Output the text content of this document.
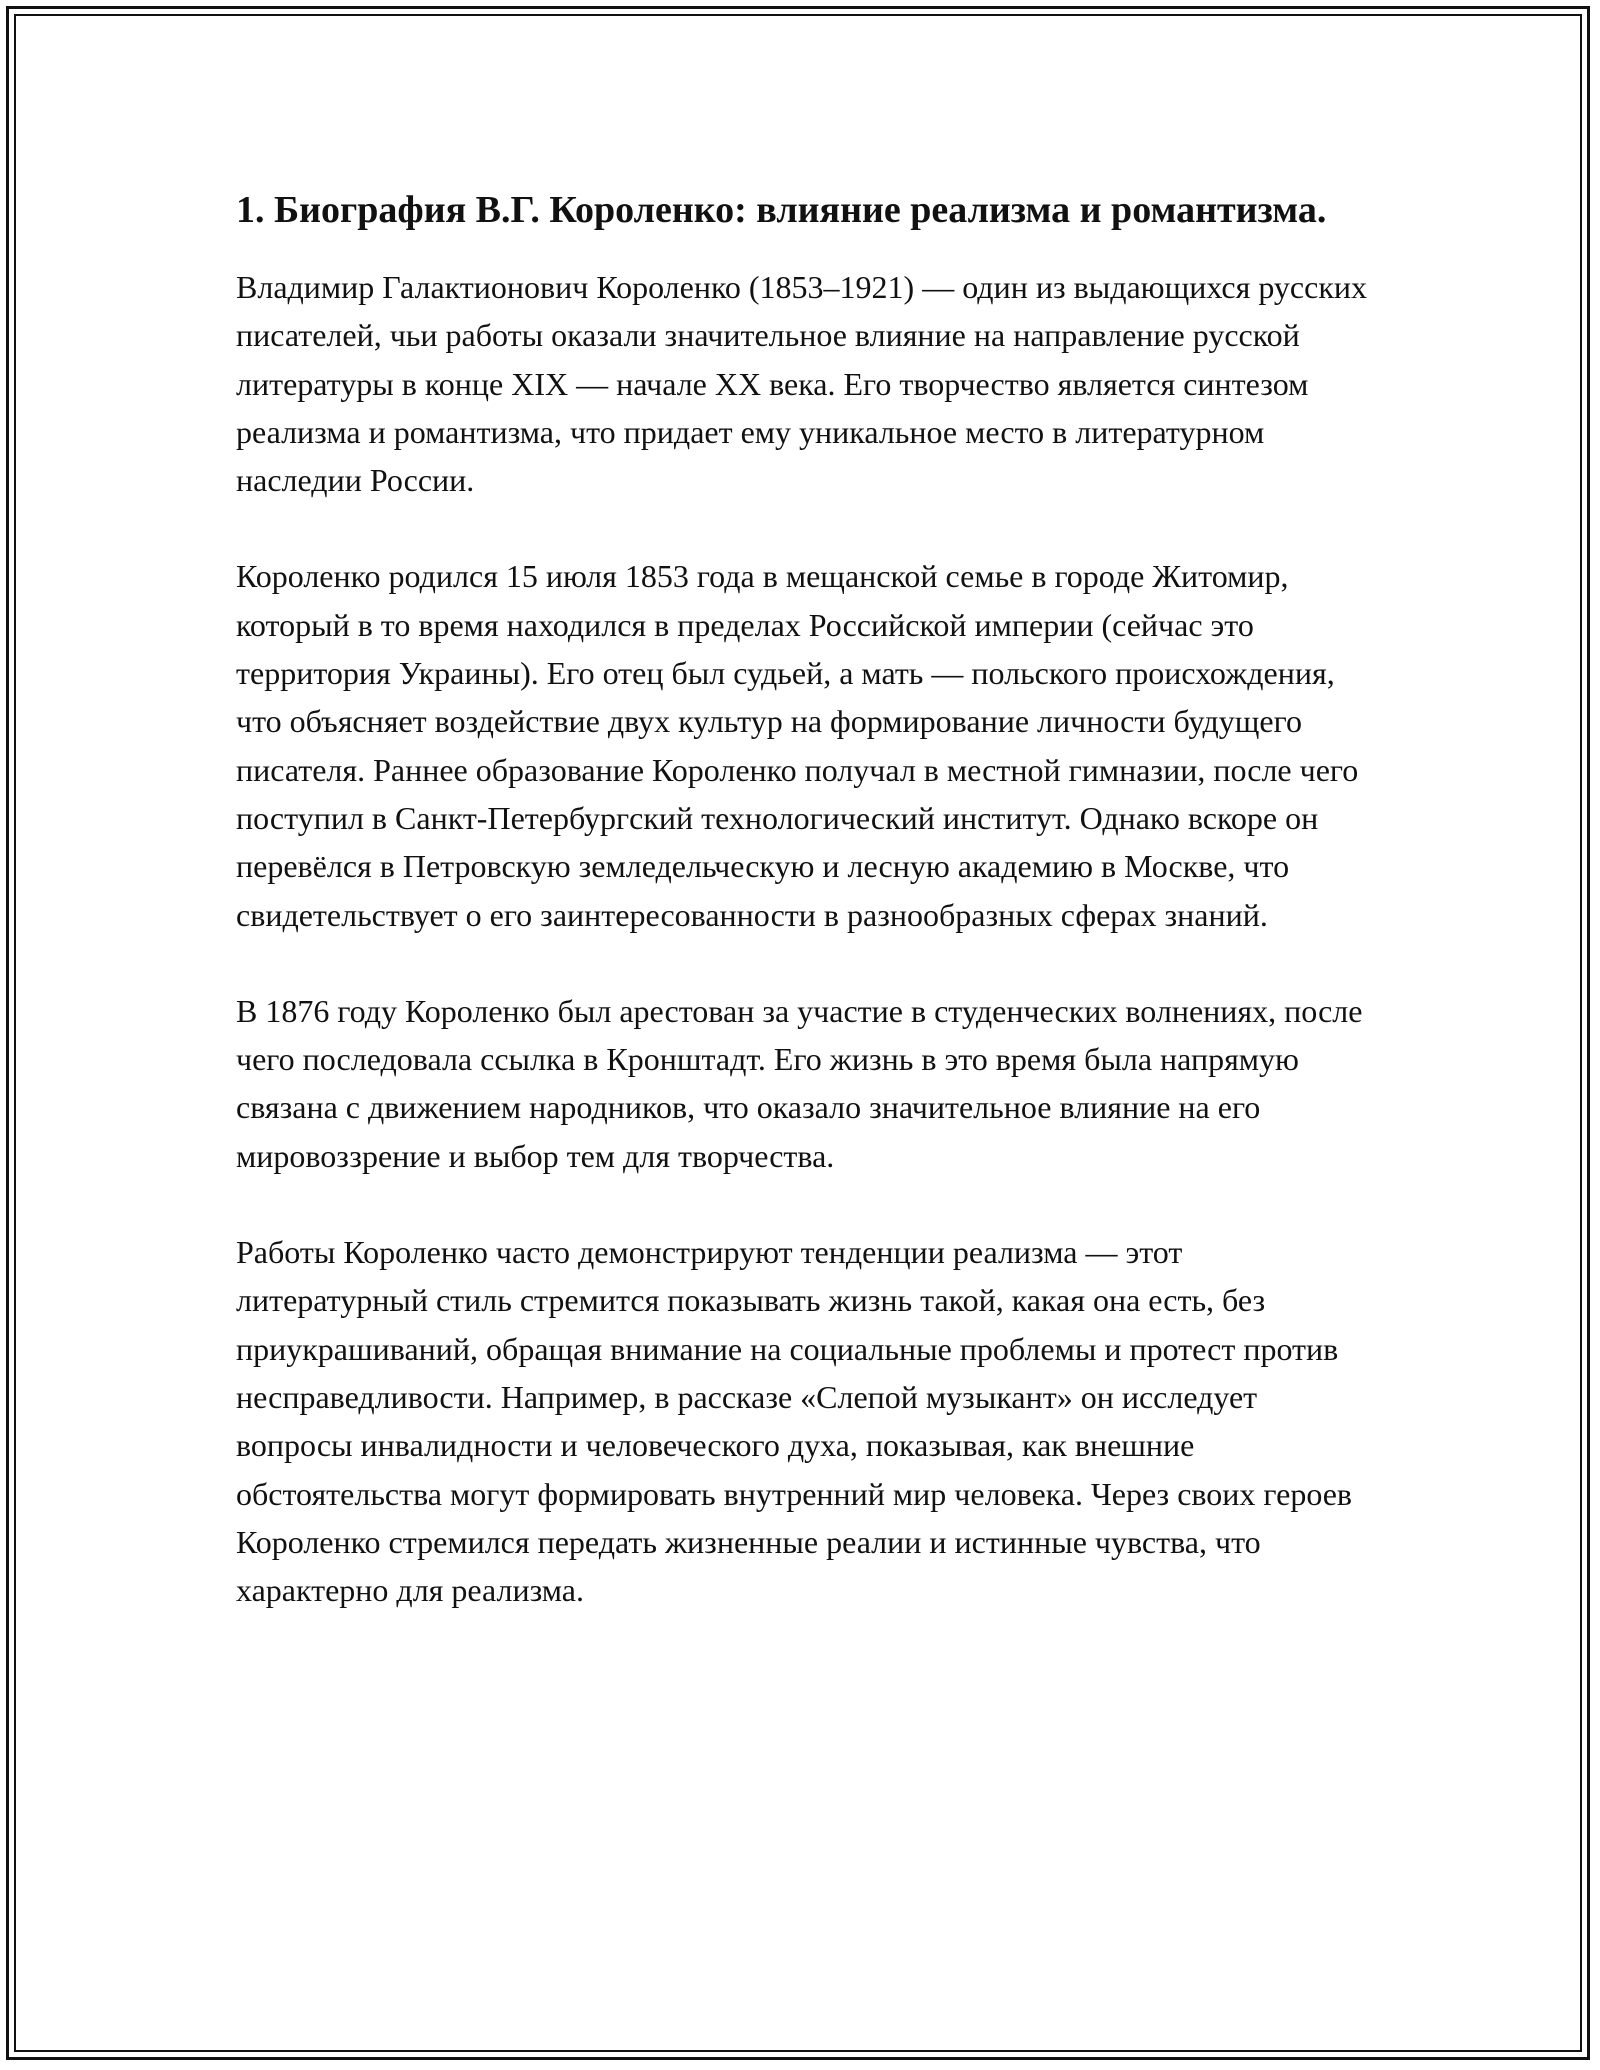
1. Биография В.Г. Короленко: влияние реализма и романтизма.

Владимир Галактионович Короленко (1853–1921) — один из выдающихся русских писателей, чьи работы оказали значительное влияние на направление русской литературы в конце XIX — начале XX века. Его творчество является синтезом реализма и романтизма, что придает ему уникальное место в литературном наследии России.

Короленко родился 15 июля 1853 года в мещанской семье в городе Житомир, который в то время находился в пределах Российской империи (сейчас это территория Украины). Его отец был судьей, а мать — польского происхождения, что объясняет воздействие двух культур на формирование личности будущего писателя. Раннее образование Короленко получал в местной гимназии, после чего поступил в Санкт-Петербургский технологический институт. Однако вскоре он перевёлся в Петровскую земледельческую и лесную академию в Москве, что свидетельствует о его заинтересованности в разнообразных сферах знаний.

В 1876 году Короленко был арестован за участие в студенческих волнениях, после чего последовала ссылка в Кронштадт. Его жизнь в это время была напрямую связана с движением народников, что оказало значительное влияние на его мировоззрение и выбор тем для творчества.

Работы Короленко часто демонстрируют тенденции реализма — этот литературный стиль стремится показывать жизнь такой, какая она есть, без приукрашиваний, обращая внимание на социальные проблемы и протест против несправедливости. Например, в рассказе «Слепой музыкант» он исследует вопросы инвалидности и человеческого духа, показывая, как внешние обстоятельства могут формировать внутренний мир человека. Через своих героев Короленко стремился передать жизненные реалии и истинные чувства, что характерно для реализма.
